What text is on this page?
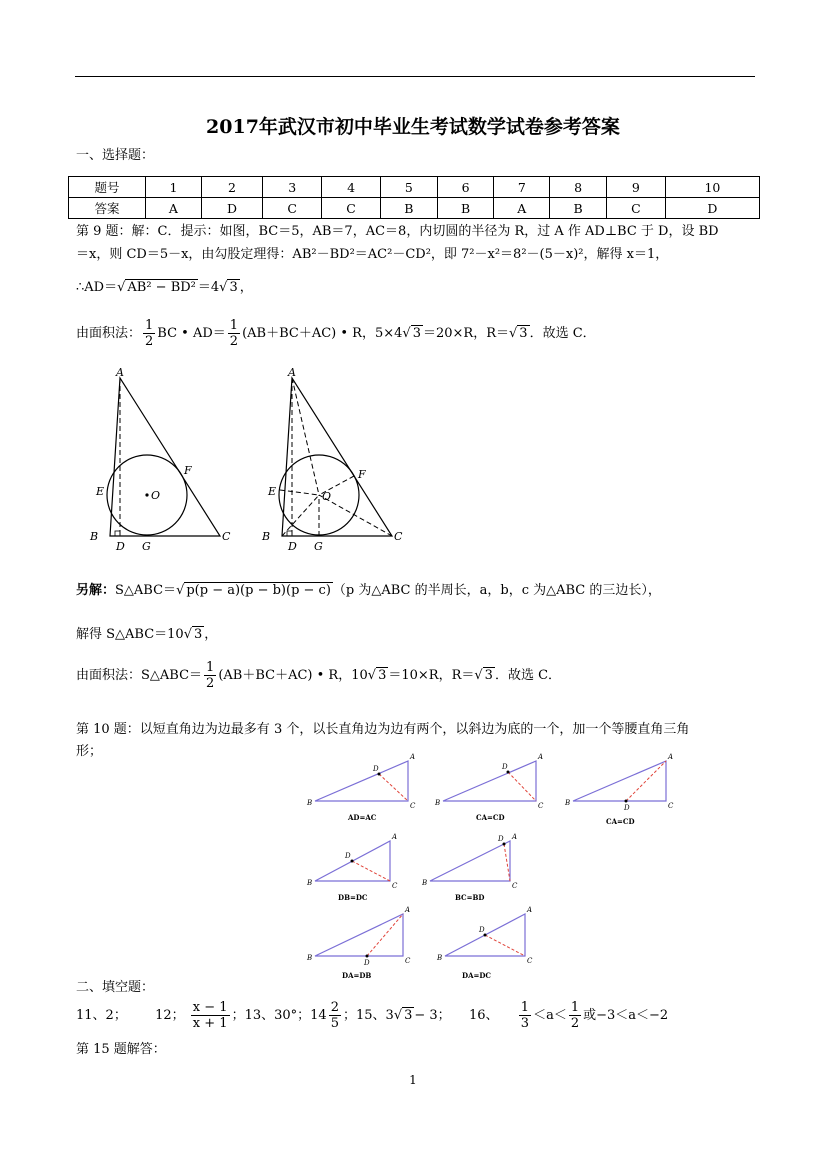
2017年武汉市初中毕业生考试数学试卷参考答案
一、选择题：
题号	1	2	3	4	5	6	7	8	9	10
答案	A	D	C	C	B	B	A	B	C	D
第 9 题：解：C．提示：如图，BC＝5，AB＝7，AC＝8，内切圆的半径为 R，过 A 作 AD⊥BC 于 D，设 BD
＝x，则 CD＝5－x，由勾股定理得：AB²－BD²＝AC²－CD²，即 7²－x²＝8²－(5－x)²，解得 x＝1，
∴AD＝√ AB² − BD² ＝4√ 3 ，
由面积法： $\frac{1}{2}$ BC • $AD= \frac{1}{2} (AB+BC+AC)$ • R，5×4√ 3 ＝20×R，R＝√ 3 ．故选 C．
A
B	C
D
E
F
G
O
A
B	C
D
E
F
G
O
另解：S△ABC＝√ p(p − a)(p − b)(p − c) （p 为△ABC 的半周长，a，b，c 为△ABC 的三边长），
解得 S△ABC＝10√ 3 ，
由面积法：S△ABC＝ $\frac{1}{2} (AB+BC+AC)$ • R，10√ 3 ＝10×R，R＝√ 3 ．故选 C．
第 10 题：以短直角边为边最多有 3 个，以长直角边为边有两个，以斜边为底的一个，加一个等腰直角三角
形；
B
A
C
D
AD=AC
B
A
C
D
CA=CD
B
A
C
D
CA=CD
B
A
C
D
DB=DC
B
A
C
D
BC=BD
B
A
C
D
DA=DB
B
A
C
D
DA=DC
二、填空题：
11、2； 12； $\frac{x - 1}{x + 1}$ ；13、30°；$14 \frac{2}{5}$ ；15、3√ 3 − 3； 16、 $\frac{1}{3} <a< \frac{1}{2}$ 或−3＜a＜−2
第 15 题解答：
1
